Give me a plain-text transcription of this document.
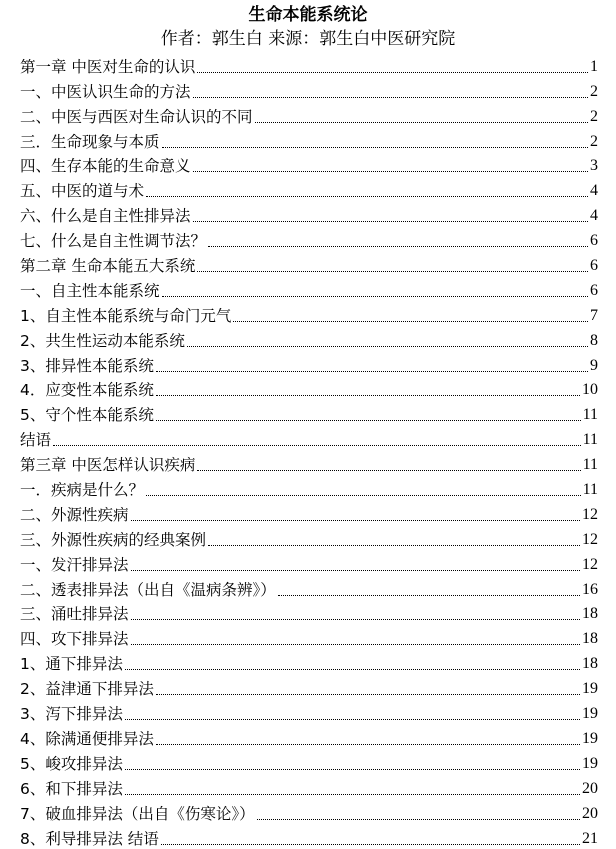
生命本能系统论
作者：郭生白 来源：郭生白中医研究院
第一章 中医对生命的认识	1
一、中医认识生命的方法	2
二、中医与西医对生命认识的不同	2
三．生命现象与本质	2
四、生存本能的生命意义	3
五、中医的道与术	4
六、什么是自主性排异法	4
七、什么是自主性调节法？	6
第二章 生命本能五大系统	6
一、自主性本能系统	6
1、自主性本能系统与命门元气	7
2、共生性运动本能系统	8
3、排异性本能系统	9
4．应变性本能系统	10
5、守个性本能系统	11
结语	11
第三章 中医怎样认识疾病	11
一．疾病是什么？	11
二、外源性疾病	12
三、外源性疾病的经典案例	12
一、发汗排异法	12
二、透表排异法（出自《温病条辨》）	16
三、涌吐排异法	18
四、攻下排异法	18
1、通下排异法	18
2、益津通下排异法	19
3、泻下排异法	19
4、除满通便排异法	19
5、峻攻排异法	19
6、和下排异法	20
7、破血排异法（出自《伤寒论》）	20
8、利导排异法 结语	21
